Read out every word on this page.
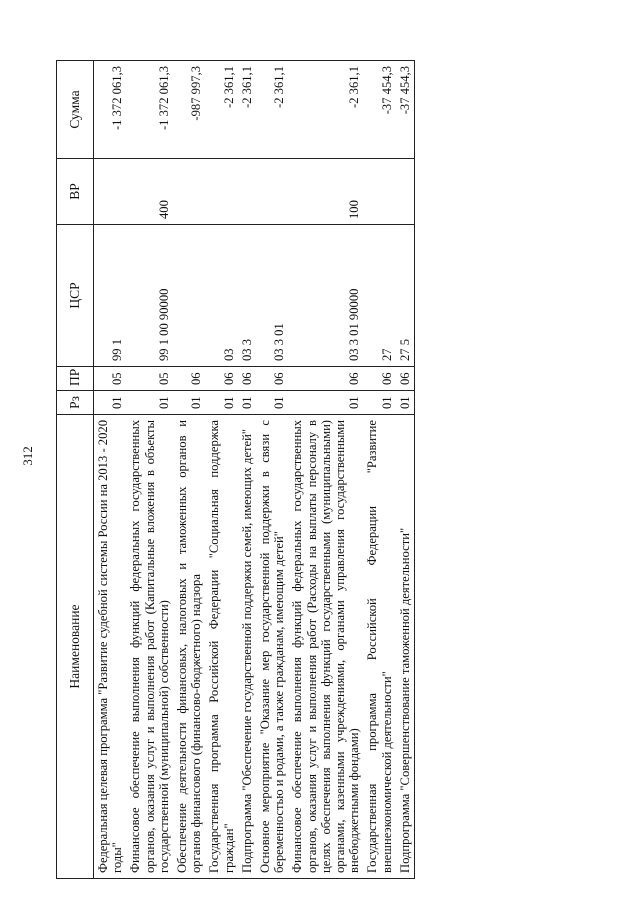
312
Наименование	Рз	ПР	ЦСР	ВР	Сумма
Федеральная целевая программа "Развитие судебной системы России на 2013 - 2020 годы"	01	05	99 1		-1 372 061,3
Финансовое обеспечение выполнения функций федеральных государственных органов, оказания услуг и выполнения работ (Капитальные вложения в объекты государственной (муниципальной) собственности)	01	05	99 1 00 90000	400	-1 372 061,3
Обеспечение деятельности финансовых, налоговых и таможенных органов и органов финансового (финансово-бюджетного) надзора	01	06			-987 997,3
Государственная программа Российской Федерации "Социальная поддержка граждан"	01	06	03		-2 361,1
Подпрограмма "Обеспечение государственной поддержки семей, имеющих детей"	01	06	03 3		-2 361,1
Основное мероприятие "Оказание мер государственной поддержки в связи с беременностью и родами, а также гражданам, имеющим детей"	01	06	03 3 01		-2 361,1
Финансовое обеспечение выполнения функций федеральных государственных органов, оказания услуг и выполнения работ (Расходы на выплаты персоналу в целях обеспечения выполнения функций государственными (муниципальными) органами, казенными учреждениями, органами управления государственными внебюджетными фондами)	01	06	03 3 01 90000	100	-2 361,1
Государственная программа Российской Федерации "Развитие внешнеэкономической деятельности"	01	06	27		-37 454,3
Подпрограмма "Совершенствование таможенной деятельности"	01	06	27 5		-37 454,3
